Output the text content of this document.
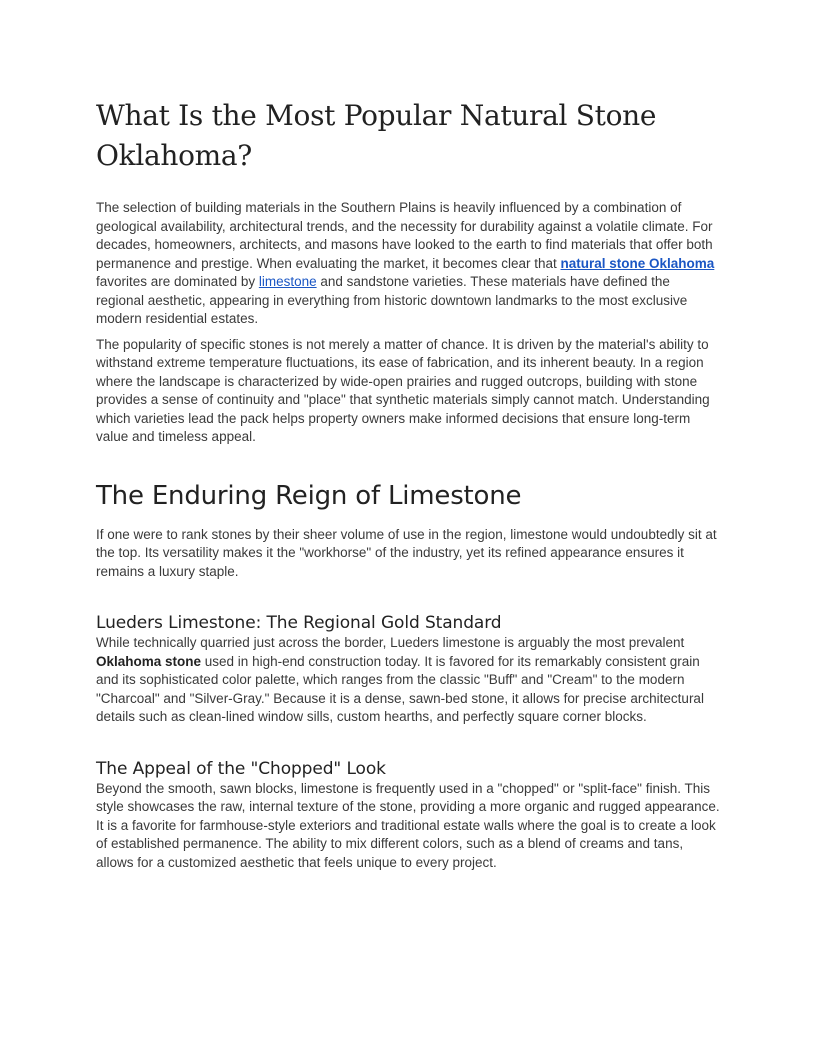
What Is the Most Popular Natural Stone Oklahoma?

The selection of building materials in the Southern Plains is heavily influenced by a combination of geological availability, architectural trends, and the necessity for durability against a volatile climate. For decades, homeowners, architects, and masons have looked to the earth to find materials that offer both permanence and prestige. When evaluating the market, it becomes clear that natural stone Oklahoma favorites are dominated by limestone and sandstone varieties. These materials have defined the regional aesthetic, appearing in everything from historic downtown landmarks to the most exclusive modern residential estates.

The popularity of specific stones is not merely a matter of chance. It is driven by the material's ability to withstand extreme temperature fluctuations, its ease of fabrication, and its inherent beauty. In a region where the landscape is characterized by wide-open prairies and rugged outcrops, building with stone provides a sense of continuity and "place" that synthetic materials simply cannot match. Understanding which varieties lead the pack helps property owners make informed decisions that ensure long-term value and timeless appeal.

The Enduring Reign of Limestone

If one were to rank stones by their sheer volume of use in the region, limestone would undoubtedly sit at the top. Its versatility makes it the "workhorse" of the industry, yet its refined appearance ensures it remains a luxury staple.

Lueders Limestone: The Regional Gold Standard

While technically quarried just across the border, Lueders limestone is arguably the most prevalent Oklahoma stone used in high-end construction today. It is favored for its remarkably consistent grain and its sophisticated color palette, which ranges from the classic "Buff" and "Cream" to the modern "Charcoal" and "Silver-Gray." Because it is a dense, sawn-bed stone, it allows for precise architectural details such as clean-lined window sills, custom hearths, and perfectly square corner blocks.

The Appeal of the "Chopped" Look

Beyond the smooth, sawn blocks, limestone is frequently used in a "chopped" or "split-face" finish. This style showcases the raw, internal texture of the stone, providing a more organic and rugged appearance. It is a favorite for farmhouse-style exteriors and traditional estate walls where the goal is to create a look of established permanence. The ability to mix different colors, such as a blend of creams and tans, allows for a customized aesthetic that feels unique to every project.
